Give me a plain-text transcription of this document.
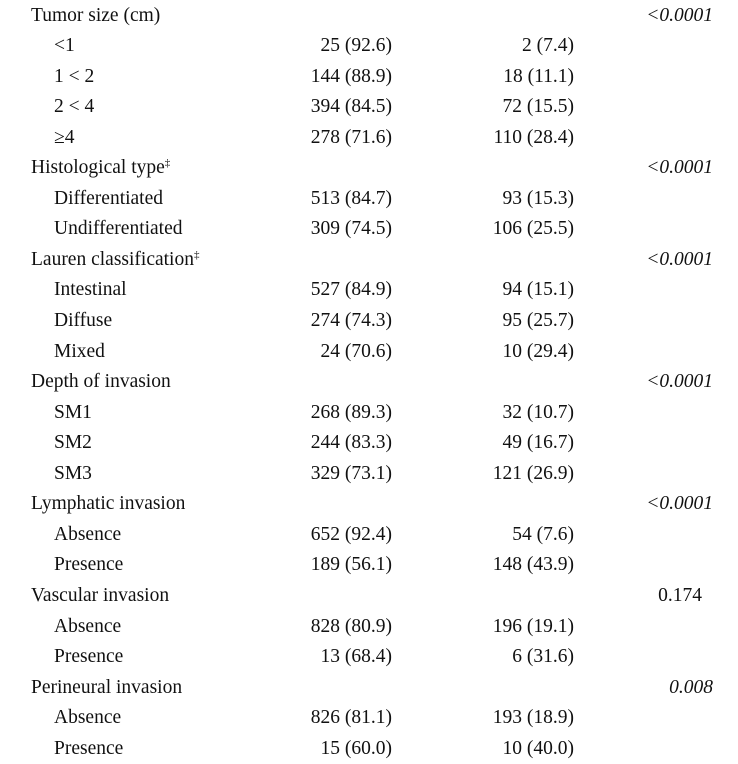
Tumor size (cm)	<0.0001
<1	25 (92.6)	2 (7.4)
1 < 2	144 (88.9)	18 (11.1)
2 < 4	394 (84.5)	72 (15.5)
≥4	278 (71.6)	110 (28.4)
Histological type‡	<0.0001
Differentiated	513 (84.7)	93 (15.3)
Undifferentiated	309 (74.5)	106 (25.5)
Lauren classification‡	<0.0001
Intestinal	527 (84.9)	94 (15.1)
Diffuse	274 (74.3)	95 (25.7)
Mixed	24 (70.6)	10 (29.4)
Depth of invasion	<0.0001
SM1	268 (89.3)	32 (10.7)
SM2	244 (83.3)	49 (16.7)
SM3	329 (73.1)	121 (26.9)
Lymphatic invasion	<0.0001
Absence	652 (92.4)	54 (7.6)
Presence	189 (56.1)	148 (43.9)
Vascular invasion	0.174
Absence	828 (80.9)	196 (19.1)
Presence	13 (68.4)	6 (31.6)
Perineural invasion	0.008
Absence	826 (81.1)	193 (18.9)
Presence	15 (60.0)	10 (40.0)
